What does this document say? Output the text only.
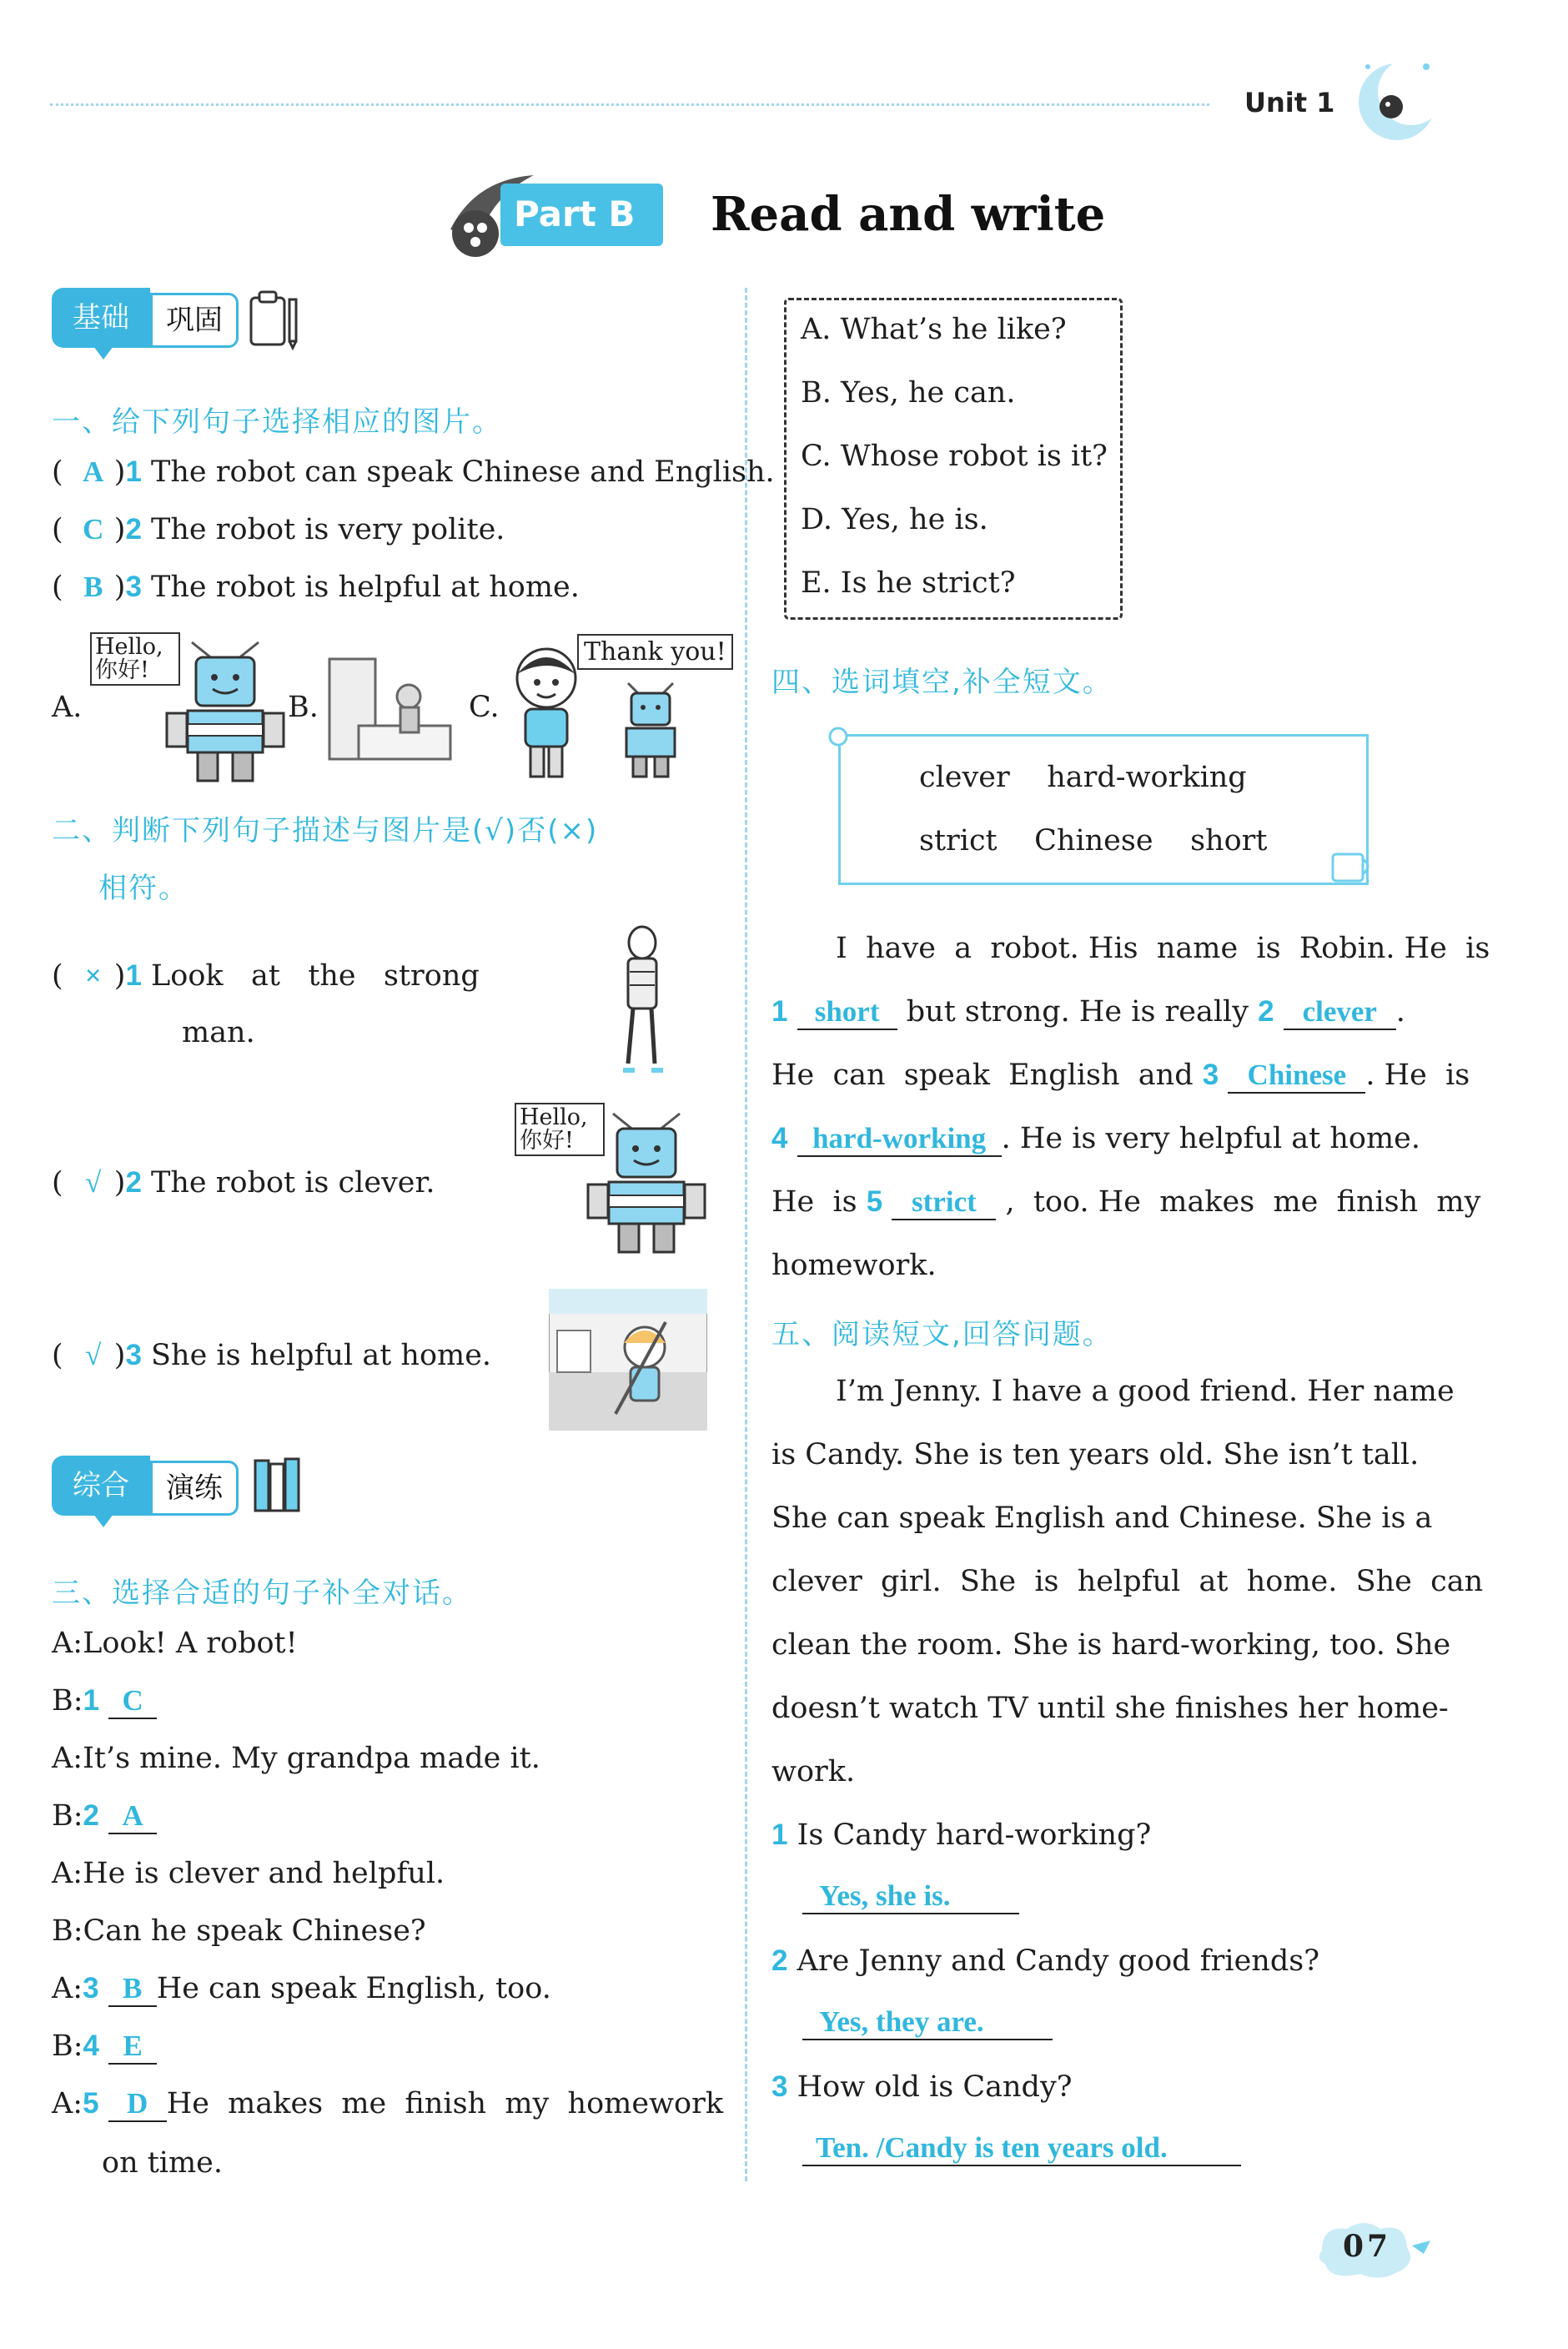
Unit 1
Part B Read and write
基础	巩固
一、给下列句子选择相应的图片。
( A )1 The robot can speak Chinese and English.
( C )2 The robot is very polite.
( B )3 The robot is helpful at home.
A.
Hello, 你好!
B.	C.
Thank you!
二、判断下列句子描述与图片是(√)否(×)
相符。
( × )1 Look   at   the   strong
man.
( √ )2 The robot is clever.
Hello, 你好!
( √ )3 She is helpful at home.
综合	演练
三、选择合适的句子补全对话。
A:Look! A robot!
B:1 C
A:It’s mine. My grandpa made it.
B:2 A
A:He is clever and helpful.
B:Can he speak Chinese?
A:3 B He can speak English, too.
B:4 E
A:5 D He  makes  me  finish  my  homework
on time.
A. What’s he like?
B. Yes, he can.
C. Whose robot is it?
D. Yes, he is.
E. Is he strict?
四、选词填空,补全短文。
clever    hard-working
strict    Chinese    short
I  have  a  robot. His  name  is  Robin. He  is
1 short but strong. He is really 2 clever .
He  can  speak  English  and 3 Chinese . He  is
4 hard-working . He is very helpful at home.
He  is 5 strict ,  too. He  makes  me  finish  my
homework.
五、阅读短文,回答问题。
I’m Jenny. I have a good friend. Her name
is Candy. She is ten years old. She isn’t tall.
She can speak English and Chinese. She is a
clever  girl.  She  is  helpful  at  home.  She  can
clean the room. She is hard-working, too. She
doesn’t watch TV until she finishes her home-
work.
1 Is Candy hard-working?
Yes, she is.
2 Are Jenny and Candy good friends?
Yes, they are.
3 How old is Candy?
Ten. /Candy is ten years old.
07
